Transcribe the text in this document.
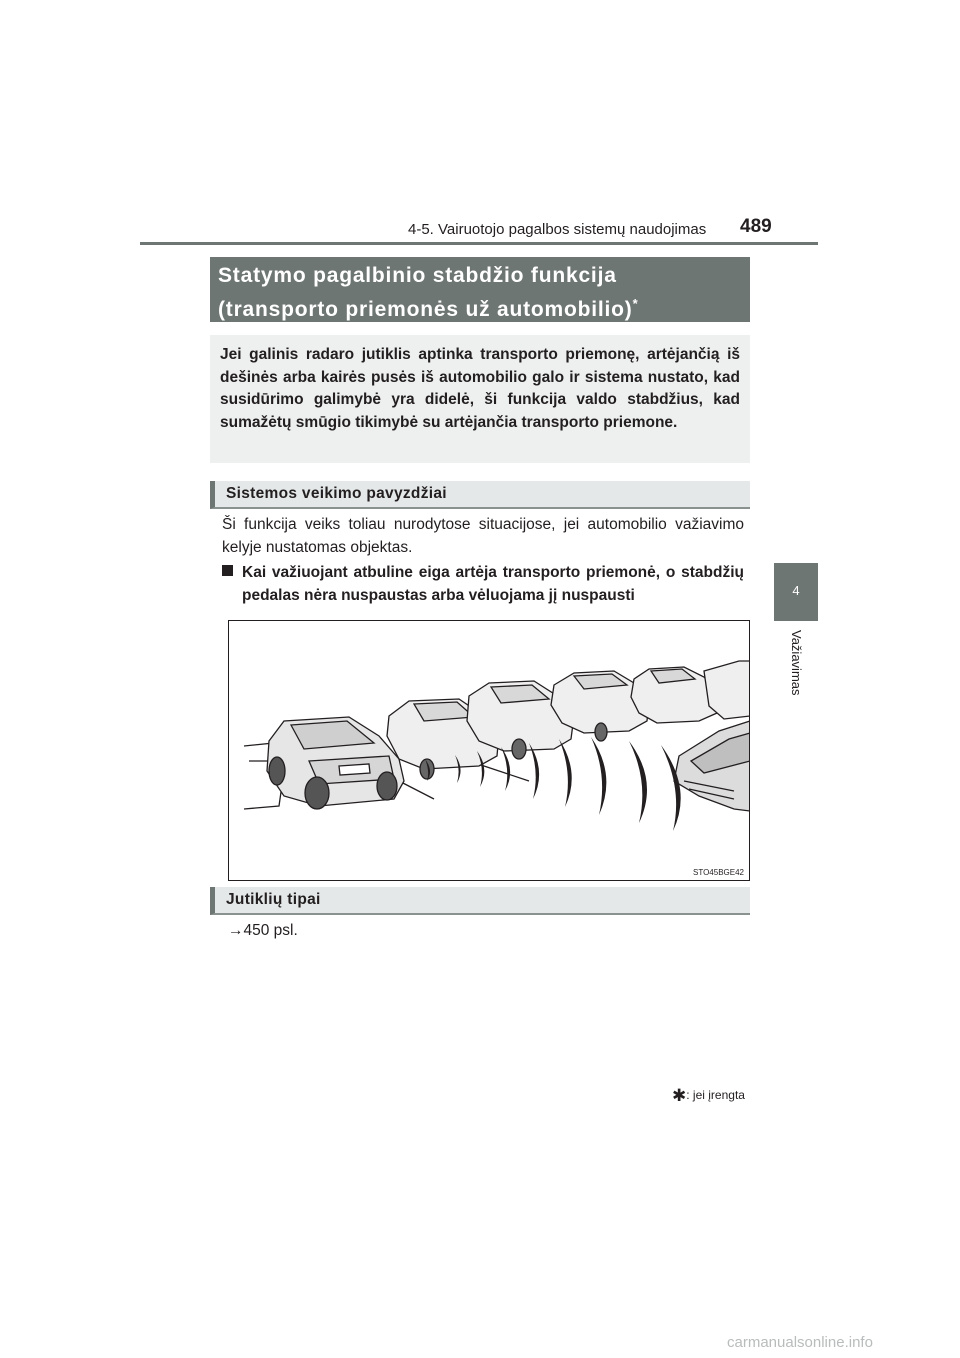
4-5. Vairuotojo pagalbos sistemų naudojimas 489
4
Važiavimas
Statymo pagalbinio stabdžio funkcija
(transporto priemonės už automobilio)*
Jei galinis radaro jutiklis aptinka transporto priemonę, artėjančią iš dešinės arba kairės pusės iš automobilio galo ir sistema nustato, kad susidūrimo galimybė yra didelė, ši funkcija valdo stabdžius, kad sumažėtų smūgio tikimybė su artėjančia transporto priemone.
Sistemos veikimo pavyzdžiai
Ši funkcija veiks toliau nurodytose situacijose, jei automobilio važiavimo kelyje nustatomas objektas.
Kai važiuojant atbuline eiga artėja transporto priemonė, o stabdžių pedalas nėra nuspaustas arba vėluojama jį nuspausti
STO45BGE42
Jutiklių tipai
→450 psl.
✱: jei įrengta
carmanualsonline.info
